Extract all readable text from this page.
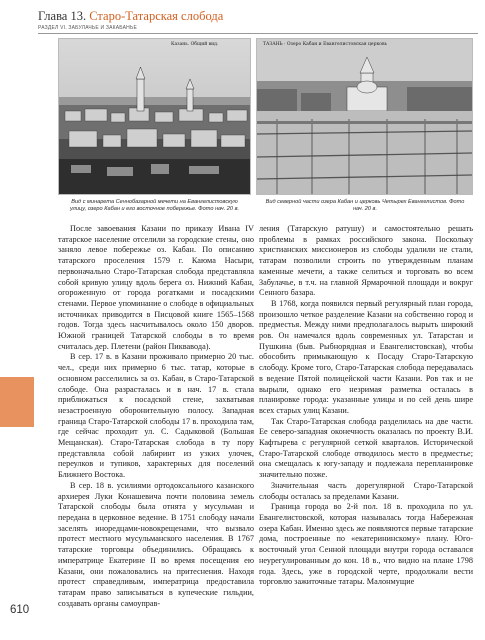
Глава 13. Старо-Татарская слобода
РАЗДЕЛ VI. ЗАБУЛАЧЬЕ И ЗАКАБАНЬЕ
Казань. Общий вид.	ТАЗАНЬ · Озеро Кабан и Евангелистовская церковь
Вид с минарета Сеннобазарной мечети на Евангелистовскую улицу, озеро Кабан и его восточное побережье. Фото нач. 20 в.
Вид северной части озера Кабан и церковь Четырех Евангелистов. Фото нач. 20 в.

После завоевания Казани по приказу Ивана IV татарское население отселили за городские стены, оно заняло левое побережье оз. Кабан. По описанию татарского проселения 1579 г. Каюма Насыри, первоначально Старо-Татарская слобода представляла собой кривую улицу вдоль берега оз. Нижний Кабан, огороженную от города рогатками и посадскими стенами. Первое упоминание о слободе в официальных источниках приводится в Писцовой книге 1565–1568 годов. Тогда здесь насчитывалось около 150 дворов. Южной границей Татарской слободы в то время считалась дер. Плетени (район Пиквавода).

В сер. 17 в. в Казани проживало примерно 20 тыс. чел., среди них примерно 6 тыс. татар, которые в основном расселились за оз. Кабан, в Старо-Татарской слободе. Она разрасталась и в нач. 17 в. стала приближаться к посадской стене, захватывая незастроенную оборонительную полосу. Западная граница Старо-Татарской слободы 17 в. проходила там, где сейчас проходит ул. С. Садыковой (Большая Мещанская). Старо-Татарская слобода в ту пору представляла собой лабиринт из узких улочек, переулков и тупиков, характерных для поселений Ближнего Востока.

В сер. 18 в. усилиями ортодоксального казанского архиерея Луки Конашевича почти половина земель Татарской слободы была отнята у мусульман и передана в церковное ведение. В 1751 слободу начали заселять иноредцами-новокрещенами, что вызвало протест местного мусульманского населения. В 1767 татарские торговцы объединились. Обращаясь к императрице Екатерине II во время посещения ею Казани, они пожаловались на притеснения. Находя протест справедливым, императрица предоставила татарам право записываться в купеческие гильдии, создавать органы самоуправ-

ления (Татарскую ратушу) и самостоятельно решать проблемы в рамках российского закона. Поскольку христианских миссионеров из слободы удалили не стали, татарам позволили строить по утвержденным планам каменные мечети, а также селиться и торговать во всем Забулачье, в т.ч. на главной Ярмарочной площади и вокруг Сенного базара.

В 1768, когда появился первый регулярный план города, произошло четкое разделение Казани на собственно город и предместья. Между ними предполагалось вырыть широкий ров. Он намечался вдоль современных ул. Татарстан и Пушкина (быв. Рыбнорядная и Евангелистовская), чтобы обособить примыкающую к Посаду Старо-Татарскую слободу. Кроме того, Старо-Татарская слобода передавалась в ведение Пятой полицейской части Казани. Ров так и не вырыли, однако его незримая разметка осталась в планировке города: указанные улицы и по сей день шире всех старых улиц Казани.

Так Старо-Татарская слобода разделилась на две части. Ее северо-западная оконечность оказалась по проекту В.И. Кафтырева с регулярной сеткой кварталов. Исторической Старо-Татарской слободе отводилось место в предместье; она смещалась к югу-западу и подлежала перепланировке значительно позже.

Значительная часть дорегулярной Старо-Татарской слободы осталась за пределами Казани.

Граница города во 2-й пол. 18 в. проходила по ул. Евангелистовской, которая называлась тогда Набережная озера Кабан. Именно здесь же появляются первые татарские дома, построенные по «екатерининскому» плану. Юго-восточный угол Сенной площади внутри города оставался неурегулированным до кон. 18 в., что видно на плане 1798 года. Здесь, уже в городской черте, продолжали вести торговлю зажиточные татары. Малонмущие

610
